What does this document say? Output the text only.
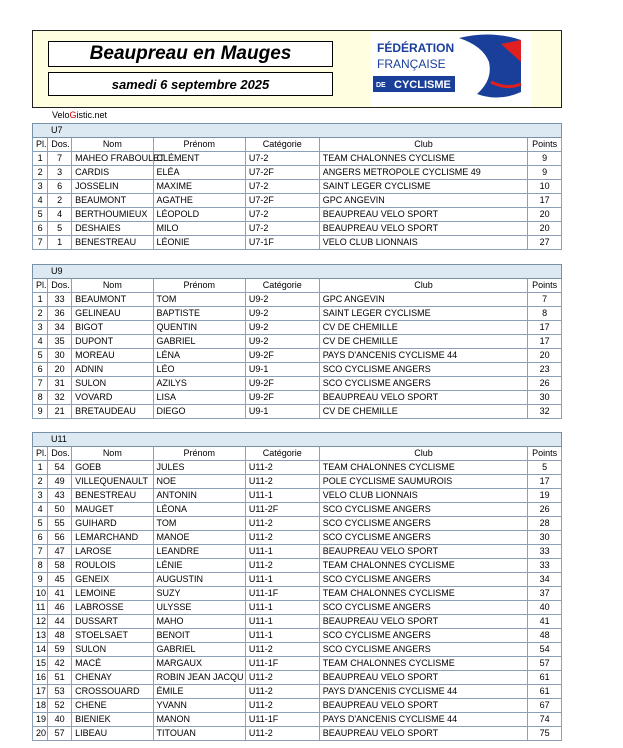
Beaupreau en Mauges
samedi 6 septembre 2025
FÉDÉRATION
FRANÇAISE
DE CYCLISME
VeloGistic.net
U7						
Pl.	Dos.	Nom	Prénom	Catégorie	Club	Points
1	7	MAHEO FRABOULET	CLÉMENT	U7-2	TEAM CHALONNES CYCLISME	9
2	3	CARDIS	ELÉA	U7-2F	ANGERS METROPOLE CYCLISME 49	9
3	6	JOSSELIN	MAXIME	U7-2	SAINT LEGER CYCLISME	10
4	2	BEAUMONT	AGATHE	U7-2F	GPC ANGEVIN	17
5	4	BERTHOUMIEUX	LÉOPOLD	U7-2	BEAUPREAU VELO SPORT	20
6	5	DESHAIES	MILO	U7-2	BEAUPREAU VELO SPORT	20
7	1	BENESTREAU	LÉONIE	U7-1F	VELO CLUB LIONNAIS	27
U9						
Pl.	Dos.	Nom	Prénom	Catégorie	Club	Points
1	33	BEAUMONT	TOM	U9-2	GPC ANGEVIN	7
2	36	GELINEAU	BAPTISTE	U9-2	SAINT LEGER CYCLISME	8
3	34	BIGOT	QUENTIN	U9-2	CV DE CHEMILLE	17
4	35	DUPONT	GABRIEL	U9-2	CV DE CHEMILLE	17
5	30	MOREAU	LÉNA	U9-2F	PAYS D'ANCENIS CYCLISME 44	20
6	20	ADNIN	LÉO	U9-1	SCO CYCLISME ANGERS	23
7	31	SULON	AZILYS	U9-2F	SCO CYCLISME ANGERS	26
8	32	VOVARD	LISA	U9-2F	BEAUPREAU VELO SPORT	30
9	21	BRETAUDEAU	DIEGO	U9-1	CV DE CHEMILLE	32
U11						
Pl.	Dos.	Nom	Prénom	Catégorie	Club	Points
1	54	GOEB	JULES	U11-2	TEAM CHALONNES CYCLISME	5
2	49	VILLEQUENAULT	NOE	U11-2	POLE CYCLISME SAUMUROIS	17
3	43	BENESTREAU	ANTONIN	U11-1	VELO CLUB LIONNAIS	19
4	50	MAUGET	LÉONA	U11-2F	SCO CYCLISME ANGERS	26
5	55	GUIHARD	TOM	U11-2	SCO CYCLISME ANGERS	28
6	56	LEMARCHAND	MANOE	U11-2	SCO CYCLISME ANGERS	30
7	47	LAROSE	LEANDRE	U11-1	BEAUPREAU VELO SPORT	33
8	58	ROULOIS	LÉNIE	U11-2	TEAM CHALONNES CYCLISME	33
9	45	GENEIX	AUGUSTIN	U11-1	SCO CYCLISME ANGERS	34
10	41	LEMOINE	SUZY	U11-1F	TEAM CHALONNES CYCLISME	37
11	46	LABROSSE	ULYSSE	U11-1	SCO CYCLISME ANGERS	40
12	44	DUSSART	MAHO	U11-1	BEAUPREAU VELO SPORT	41
13	48	STOELSAET	BENOIT	U11-1	SCO CYCLISME ANGERS	48
14	59	SULON	GABRIEL	U11-2	SCO CYCLISME ANGERS	54
15	42	MACÉ	MARGAUX	U11-1F	TEAM CHALONNES CYCLISME	57
16	51	CHENAY	ROBIN JEAN JACQU	U11-2	BEAUPREAU VELO SPORT	61
17	53	CROSSOUARD	ÉMILE	U11-2	PAYS D'ANCENIS CYCLISME 44	61
18	52	CHENE	YVANN	U11-2	BEAUPREAU VELO SPORT	67
19	40	BIENIEK	MANON	U11-1F	PAYS D'ANCENIS CYCLISME 44	74
20	57	LIBEAU	TITOUAN	U11-2	BEAUPREAU VELO SPORT	75
